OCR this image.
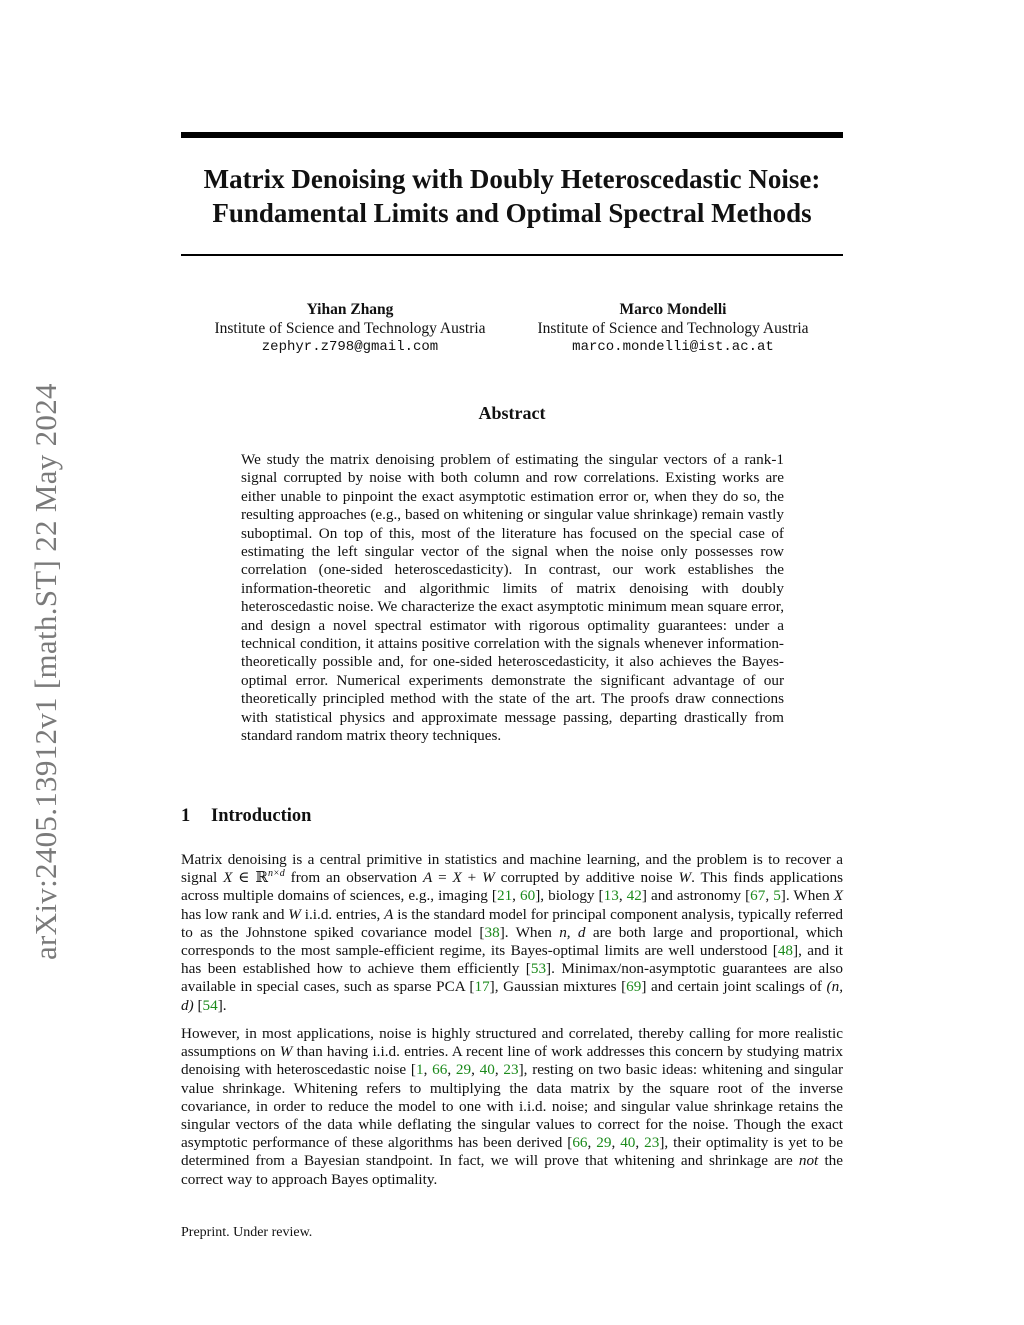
arXiv:2405.13912v1 [math.ST] 22 May 2024
Matrix Denoising with Doubly Heteroscedastic Noise:
Fundamental Limits and Optimal Spectral Methods
Yihan Zhang
Institute of Science and Technology Austria
zephyr.z798@gmail.com
Marco Mondelli
Institute of Science and Technology Austria
marco.mondelli@ist.ac.at
Abstract

We study the matrix denoising problem of estimating the singular vectors of a rank-1 signal corrupted by noise with both column and row correlations. Existing works are either unable to pinpoint the exact asymptotic estimation error or, when they do so, the resulting approaches (e.g., based on whitening or singular value shrinkage) remain vastly suboptimal. On top of this, most of the literature has focused on the special case of estimating the left singular vector of the signal when the noise only possesses row correlation (one-sided heteroscedasticity). In contrast, our work establishes the information-theoretic and algorithmic limits of matrix denoising with doubly heteroscedastic noise. We characterize the exact asymptotic minimum mean square error, and design a novel spectral estimator with rigorous optimality guarantees: under a technical condition, it attains positive correlation with the signals whenever information-theoretically possible and, for one-sided heteroscedasticity, it also achieves the Bayes-optimal error. Numerical experiments demonstrate the significant advantage of our theoretically principled method with the state of the art. The proofs draw connections with statistical physics and approximate message passing, departing drastically from standard random matrix theory techniques.

1 Introduction

Matrix denoising is a central primitive in statistics and machine learning, and the problem is to recover a signal X ∈ ℝ$^{n\times d}$ from an observation A = X + W corrupted by additive noise W. This finds applications across multiple domains of sciences, e.g., imaging [21, 60], biology [13, 42] and astronomy [67, 5]. When X has low rank and W i.i.d. entries, A is the standard model for principal component analysis, typically referred to as the Johnstone spiked covariance model [38]. When n, d are both large and proportional, which corresponds to the most sample-efficient regime, its Bayes-optimal limits are well understood [48], and it has been established how to achieve them efficiently [53]. Minimax/non-asymptotic guarantees are also available in special cases, such as sparse PCA [17], Gaussian mixtures [69] and certain joint scalings of (n, d) [54].

However, in most applications, noise is highly structured and correlated, thereby calling for more realistic assumptions on W than having i.i.d. entries. A recent line of work addresses this concern by studying matrix denoising with heteroscedastic noise [1, 66, 29, 40, 23], resting on two basic ideas: whitening and singular value shrinkage. Whitening refers to multiplying the data matrix by the square root of the inverse covariance, in order to reduce the model to one with i.i.d. noise; and singular value shrinkage retains the singular vectors of the data while deflating the singular values to correct for the noise. Though the exact asymptotic performance of these algorithms has been derived [66, 29, 40, 23], their optimality is yet to be determined from a Bayesian standpoint. In fact, we will prove that whitening and shrinkage are not the correct way to approach Bayes optimality.

Preprint. Under review.
